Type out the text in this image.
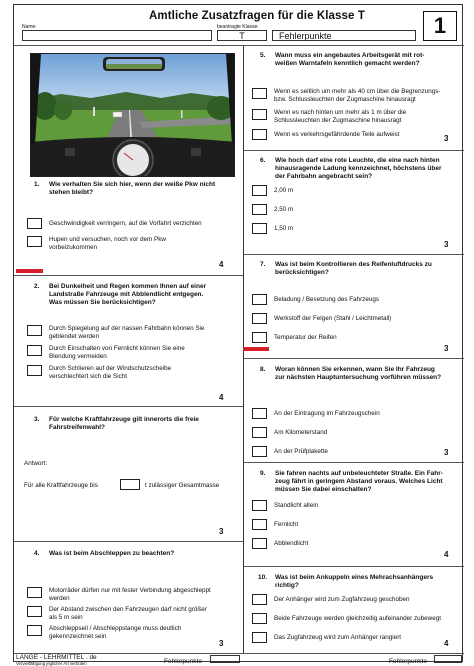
Amtliche Zusatzfragen für die Klasse T
Name:	beantragte Klasse:
T	Fehlerpunkte	1
1. Wie verhalten Sie sich hier, wenn der weiße Pkw nicht
stehen bleibt?
Geschwindigkeit verringern, auf die Vorfahrt verzichten
Hupen und versuchen, noch vor dem Pkw
vorbeizukommen
4
2. Bei Dunkelheit und Regen kommen Ihnen auf einer
Landstraße Fahrzeuge mit Abblendlicht entgegen.
Was müssen Sie berücksichtigen?
Durch Spiegelung auf der nassen Fahrbahn können Sie
geblendet werden
Durch Einschalten von Fernlicht können Sie eine
Blendung vermeiden
Durch Schlieren auf der Windschutzscheibe
verschlechtert sich die Sicht
4
3. Für welche Kraftfahrzeuge gilt innerorts die freie
Fahrstreifenwahl?
Antwort:
Für alle Kraftfahrzeuge bis	t zulässiger Gesamtmasse
3
4. Was ist beim Abschleppen zu beachten?
Motorräder dürfen nur mit fester Verbindung abgeschleppt
werden
Der Abstand zwischen den Fahrzeugen darf nicht größer
als 5 m sein
Abschleppseil / Abschleppstange muss deutlich
gekennzeichnet sein
3
5. Wann muss ein angebautes Arbeitsgerät mit rot-
weißen Warntafeln kenntlich gemacht werden?
Wenn es seitlich um mehr als 40 cm über die Begrenzungs-
bzw. Schlussleuchten der Zugmaschine hinausragt
Wenn es nach hinten um mehr als 1 m über die
Schlussleuchten der Zugmaschine hinausragt
Wenn es verkehrsgefährdende Teile aufweist	3
6. Wie hoch darf eine rote Leuchte, die eine nach hinten
hinausragende Ladung kennzeichnet, höchstens über
der Fahrbahn angebracht sein?
2,00 m
2,50 m
1,50 m
3
7. Was ist beim Kontrollieren des Reifenluftdrucks zu
berücksichtigen?
Beladung / Besetzung des Fahrzeugs
Werkstoff der Felgen (Stahl / Leichtmetall)
Temperatur der Reifen
3
8. Woran können Sie erkennen, wann Sie Ihr Fahrzeug
zur nächsten Hauptuntersuchung vorführen müssen?
An der Eintragung im Fahrzeugschein
Am Kilometerstand
An der Prüfplakette	3
9. Sie fahren nachts auf unbeleuchteter Straße. Ein Fahr-
zeug fährt in geringem Abstand voraus. Welches Licht
müssen Sie dabei einschalten?
Standlicht allein
Fernlicht
Abblendlicht
4
10. Was ist beim Ankuppeln eines Mehrachsanhängers
richtig?
Der Anhänger wird zum Zugfahrzeug geschoben
Beide Fahrzeuge werden gleichzeitig aufeinander zubewegt
Das Zugfahrzeug wird zum Anhänger rangiert
4
LANGE - LEHRMITTEL . de
Vervielfältigung jeglicher Art verboten	Fehlerpunkte	Fehlerpunkte
